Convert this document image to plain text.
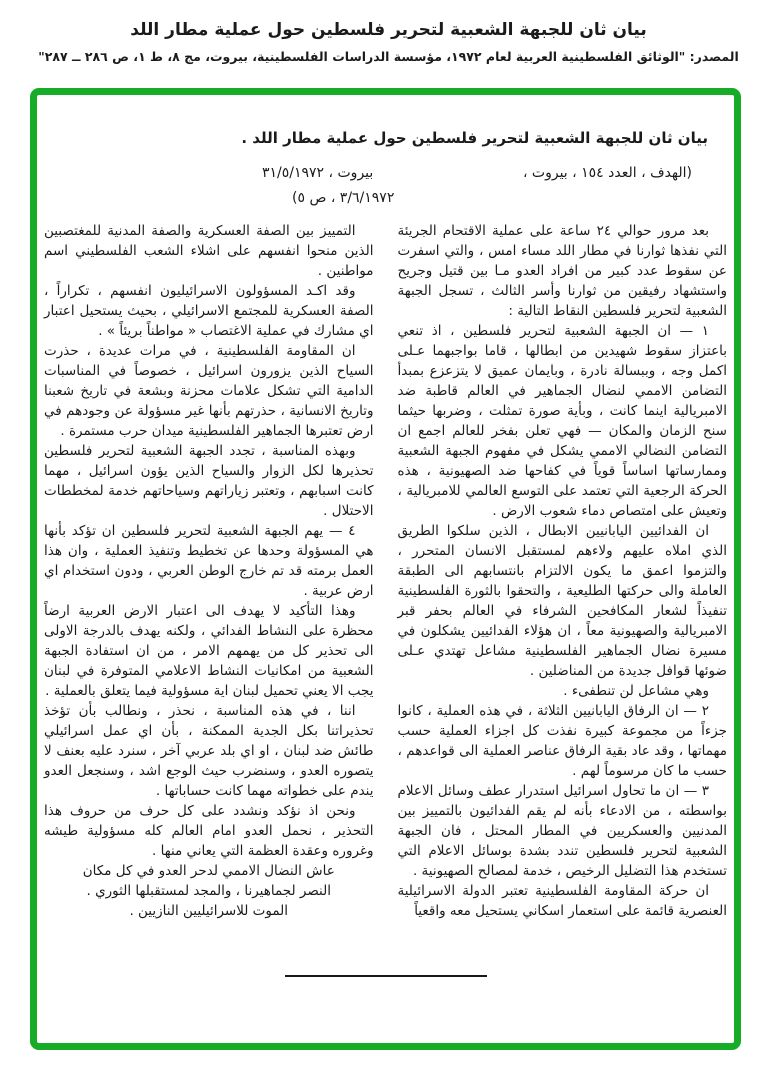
بيان ثان للجبهة الشعبية لتحرير فلسطين حول عملية مطار اللد
المصدر: "الوثائق الفلسطينية العربية لعام ١٩٧٢، مؤسسة الدراسات الفلسطينية، بيروت، مج ٨، ط ١، ص ٢٨٦ ــ ٢٨٧"
بيان ثان للجبهة الشعبية لتحرير فلسطين حول عملية مطار اللد .
(الهدف ، العدد ١٥٤ ، بيروت ،
بيروت ، ٣١/٥/١٩٧٢
٣/٦/١٩٧٢ ، ص ٥)

بعد مرور حوالي ٢٤ ساعة على عملية الاقتحام الجريئة التي نفذها ثوارنا في مطار اللد مساء امس ، والتي اسفرت عن سقوط عدد كبير من افراد العدو مـا بين قتيل وجريح واستشهاد رفيقين من ثوارنا وأسر الثالث ، تسجل الجبهة الشعبية لتحرير فلسطين النقاط التالية :

١ — ان الجبهة الشعبية لتحرير فلسطين ، اذ تنعي باعتزاز سقوط شهيدين من ابطالها ، قاما بواجبهما عـلى اكمل وجه ، وببسالة نادرة ، وبايمان عميق لا يتزعزع بمبدأ التضامن الاممي لنضال الجماهير في العالم قاطبة ضد الامبريالية اينما كانت ، وبأية صورة تمثلت ، وضربها حيثما سنح الزمان والمكان — فهي تعلن بفخر للعالم اجمع ان التضامن النضالي الاممي يشكل في مفهوم الجبهة الشعبية وممارساتها اساساً قوياً في كفاحها ضد الصهيونية ، هذه الحركة الرجعية التي تعتمد على التوسع العالمي للامبريالية ، وتعيش على امتصاص دماء شعوب الارض .

ان الفدائيين اليابانيين الابطال ، الذين سلكوا الطريق الذي املاه عليهم ولاءهم لمستقبل الانسان المتحرر ، والتزموا اعمق ما يكون الالتزام بانتسابهم الى الطبقة العاملة والى حركتها الطليعية ، والتحقوا بالثورة الفلسطينية تنفيذاً لشعار المكافحين الشرفاء في العالم بحفر قبر الامبريالية والصهيونية معاً ، ان هؤلاء الفدائيين يشكلون في مسيرة نضال الجماهير الفلسطينية مشاعل تهتدي عـلى ضوئها قوافل جديدة من المناضلين .

وهي مشاعل لن تنطفىء .

٢ — ان الرفاق اليابانيين الثلاثة ، في هذه العملية ، كانوا جزءاً من مجموعة كبيرة نفذت كل اجزاء العملية حسب مهماتها ، وقد عاد بقية الرفاق عناصر العملية الى قواعدهم ، حسب ما كان مرسوماً لهم .

٣ — ان ما تحاول اسرائيل استدرار عطف وسائل الاعلام بواسطته ، من الادعاء بأنه لم يقم الفدائيون بالتمييز بين المدنيين والعسكريين في المطار المحتل ، فان الجبهة الشعبية لتحرير فلسطين تندد بشدة بوسائل الاعلام التي تستخدم هذا التضليل الرخيص ، خدمة لمصالح الصهيونية .

ان حركة المقاومة الفلسطينية تعتبر الدولة الاسرائيلية العنصرية قائمة على استعمار اسكاني يستحيل معه واقعياً

التمييز بين الصفة العسكرية والصفة المدنية للمغتصبين الذين منحوا انفسهم على اشلاء الشعب الفلسطيني اسم مواطنين .

وقد اكـد المسؤولون الاسرائيليون انفسهم ، تكراراً ، الصفة العسكرية للمجتمع الاسرائيلي ، بحيث يستحيل اعتبار اي مشارك في عملية الاغتصاب « مواطناً بريئاً » .

ان المقاومة الفلسطينية ، في مرات عديدة ، حذرت السياح الذين يزورون اسرائيل ، خصوصاً في المناسبات الدامية التي تشكل علامات محزنة وبشعة في تاريخ شعبنا وتاريخ الانسانية ، حذرتهم بأنها غير مسؤولة عن وجودهم في ارض تعتبرها الجماهير الفلسطينية ميدان حرب مستمرة .

وبهذه المناسبة ، تجدد الجبهة الشعبية لتحرير فلسطين تحذيرها لكل الزوار والسياح الذين يؤون اسرائيل ، مهما كانت اسبابهم ، وتعتبر زياراتهم وسياحاتهم خدمة لمخططات الاحتلال .

٤ — يهم الجبهة الشعبية لتحرير فلسطين ان تؤكد بأنها هي المسؤولة وحدها عن تخطيط وتنفيذ العملية ، وان هذا العمل برمته قد تم خارج الوطن العربي ، ودون استخدام اي ارض عربية .

وهذا التأكيد لا يهدف الى اعتبار الارض العربية ارضاً محظرة على النشاط الفدائي ، ولكنه يهدف بالدرجة الاولى الى تحذير كل من يهمهم الامر ، من ان استفادة الجبهة الشعبية من امكانيات النشاط الاعلامي المتوفرة في لبنان يجب الا يعني تحميل لبنان اية مسؤولية فيما يتعلق بالعملية .

اننا ، في هذه المناسبة ، نحذر ، ونطالب بأن تؤخذ تحذيراتنا بكل الجدية الممكنة ، بأن اي عمل اسرائيلي طائش ضد لبنان ، او اي بلد عربي آخر ، سنرد عليه بعنف لا يتصوره العدو ، وسنضرب حيث الوجع اشد ، وسنجعل العدو يندم على خطواته مهما كانت حساباتها .

ونحن اذ نؤكد ونشدد على كل حرف من حروف هذا التحذير ، نحمل العدو امام العالم كله مسؤولية طيشه وغروره وعقدة العظمة التي يعاني منها .

عاش النضال الاممي لدحر العدو في كل مكان

النصر لجماهيرنا ، والمجد لمستقبلها الثوري .

الموت للاسرائيليين النازيين .
